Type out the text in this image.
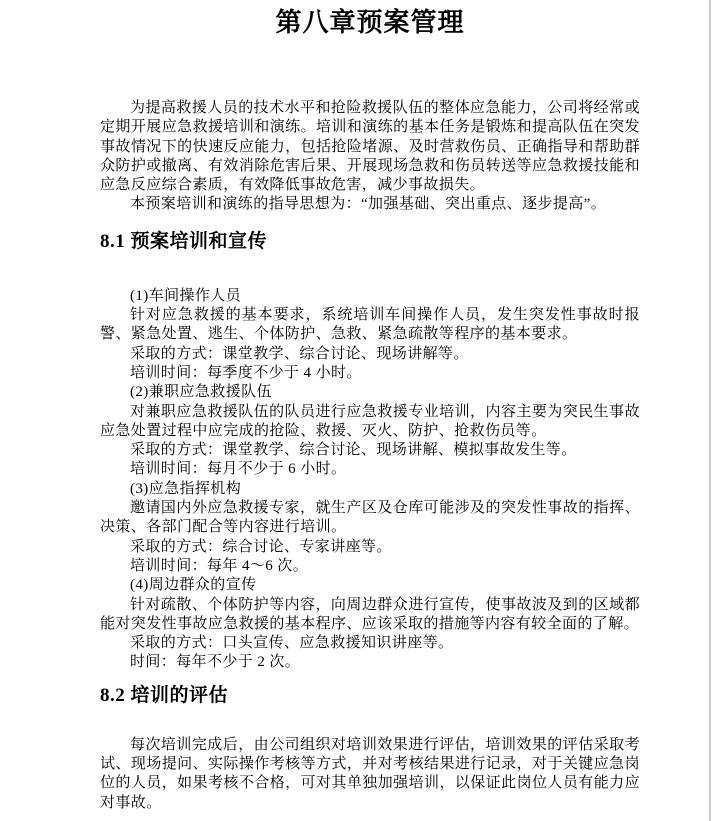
第八章预案管理

为提高救援人员的技术水平和抢险救援队伍的整体应急能力，公司将经常或定期开展应急救援培训和演练。培训和演练的基本任务是锻炼和提高队伍在突发事故情况下的快速反应能力，包括抢险堵源、及时营救伤员、正确指导和帮助群众防护或撤离、有效消除危害后果、开展现场急救和伤员转送等应急救援技能和应急反应综合素质，有效降低事故危害，减少事故损失。

本预案培训和演练的指导思想为：“加强基础、突出重点、逐步提高”。

8.1 预案培训和宣传

(1)车间操作人员

针对应急救援的基本要求，系统培训车间操作人员，发生突发性事故时报警、紧急处置、逃生、个体防护、急救、紧急疏散等程序的基本要求。

采取的方式：课堂教学、综合讨论、现场讲解等。

培训时间：每季度不少于 4 小时。

(2)兼职应急救援队伍

对兼职应急救援队伍的队员进行应急救援专业培训，内容主要为突民生事故应急处置过程中应完成的抢险、救援、灭火、防护、抢救伤员等。

采取的方式：课堂教学、综合讨论、现场讲解、模拟事故发生等。

培训时间：每月不少于 6 小时。

(3)应急指挥机构

邀请国内外应急救援专家，就生产区及仓库可能涉及的突发性事故的指挥、决策、各部门配合等内容进行培训。

采取的方式：综合讨论、专家讲座等。

培训时间：每年 4～6 次。

(4)周边群众的宣传

针对疏散、个体防护等内容，向周边群众进行宣传，使事故波及到的区域都能对突发性事故应急救援的基本程序、应该采取的措施等内容有较全面的了解。

采取的方式：口头宣传、应急救援知识讲座等。

时间：每年不少于 2 次。

8.2 培训的评估

每次培训完成后，由公司组织对培训效果进行评估，培训效果的评估采取考试、现场提问、实际操作考核等方式，并对考核结果进行记录，对于关键应急岗位的人员，如果考核不合格，可对其单独加强培训，以保证此岗位人员有能力应对事故。
